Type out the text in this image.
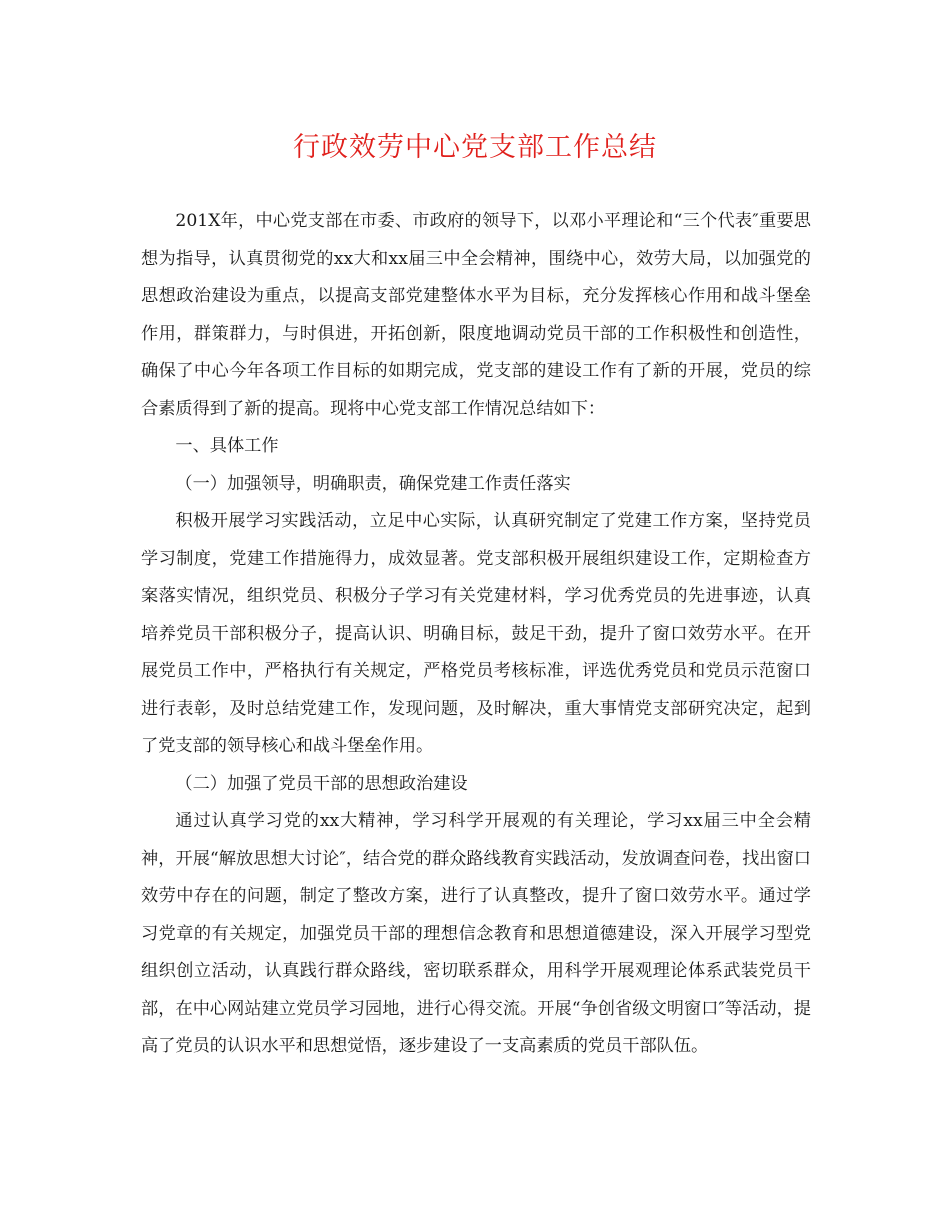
行政效劳中心党支部工作总结

201X年，中心党支部在市委、市政府的领导下，以邓小平理论和“三个代表″重要思想为指导，认真贯彻党的xx大和xx届三中全会精神，围绕中心，效劳大局，以加强党的思想政治建设为重点，以提高支部党建整体水平为目标，充分发挥核心作用和战斗堡垒作用，群策群力，与时俱进，开拓创新，限度地调动党员干部的工作积极性和创造性，确保了中心今年各项工作目标的如期完成，党支部的建设工作有了新的开展，党员的综合素质得到了新的提高。现将中心党支部工作情况总结如下：

一、具体工作

（一）加强领导，明确职责，确保党建工作责任落实

积极开展学习实践活动，立足中心实际，认真研究制定了党建工作方案，坚持党员学习制度，党建工作措施得力，成效显著。党支部积极开展组织建设工作，定期检查方案落实情况，组织党员、积极分子学习有关党建材料，学习优秀党员的先进事迹，认真培养党员干部积极分子，提高认识、明确目标，鼓足干劲，提升了窗口效劳水平。在开展党员工作中，严格执行有关规定，严格党员考核标准，评选优秀党员和党员示范窗口进行表彰，及时总结党建工作，发现问题，及时解决，重大事情党支部研究决定，起到了党支部的领导核心和战斗堡垒作用。

（二）加强了党员干部的思想政治建设

通过认真学习党的xx大精神，学习科学开展观的有关理论，学习xx届三中全会精神，开展“解放思想大讨论″，结合党的群众路线教育实践活动，发放调查问卷，找出窗口效劳中存在的问题，制定了整改方案，进行了认真整改，提升了窗口效劳水平。通过学习党章的有关规定，加强党员干部的理想信念教育和思想道德建设，深入开展学习型党组织创立活动，认真践行群众路线，密切联系群众，用科学开展观理论体系武装党员干部，在中心网站建立党员学习园地，进行心得交流。开展“争创省级文明窗口″等活动，提高了党员的认识水平和思想觉悟，逐步建设了一支高素质的党员干部队伍。
